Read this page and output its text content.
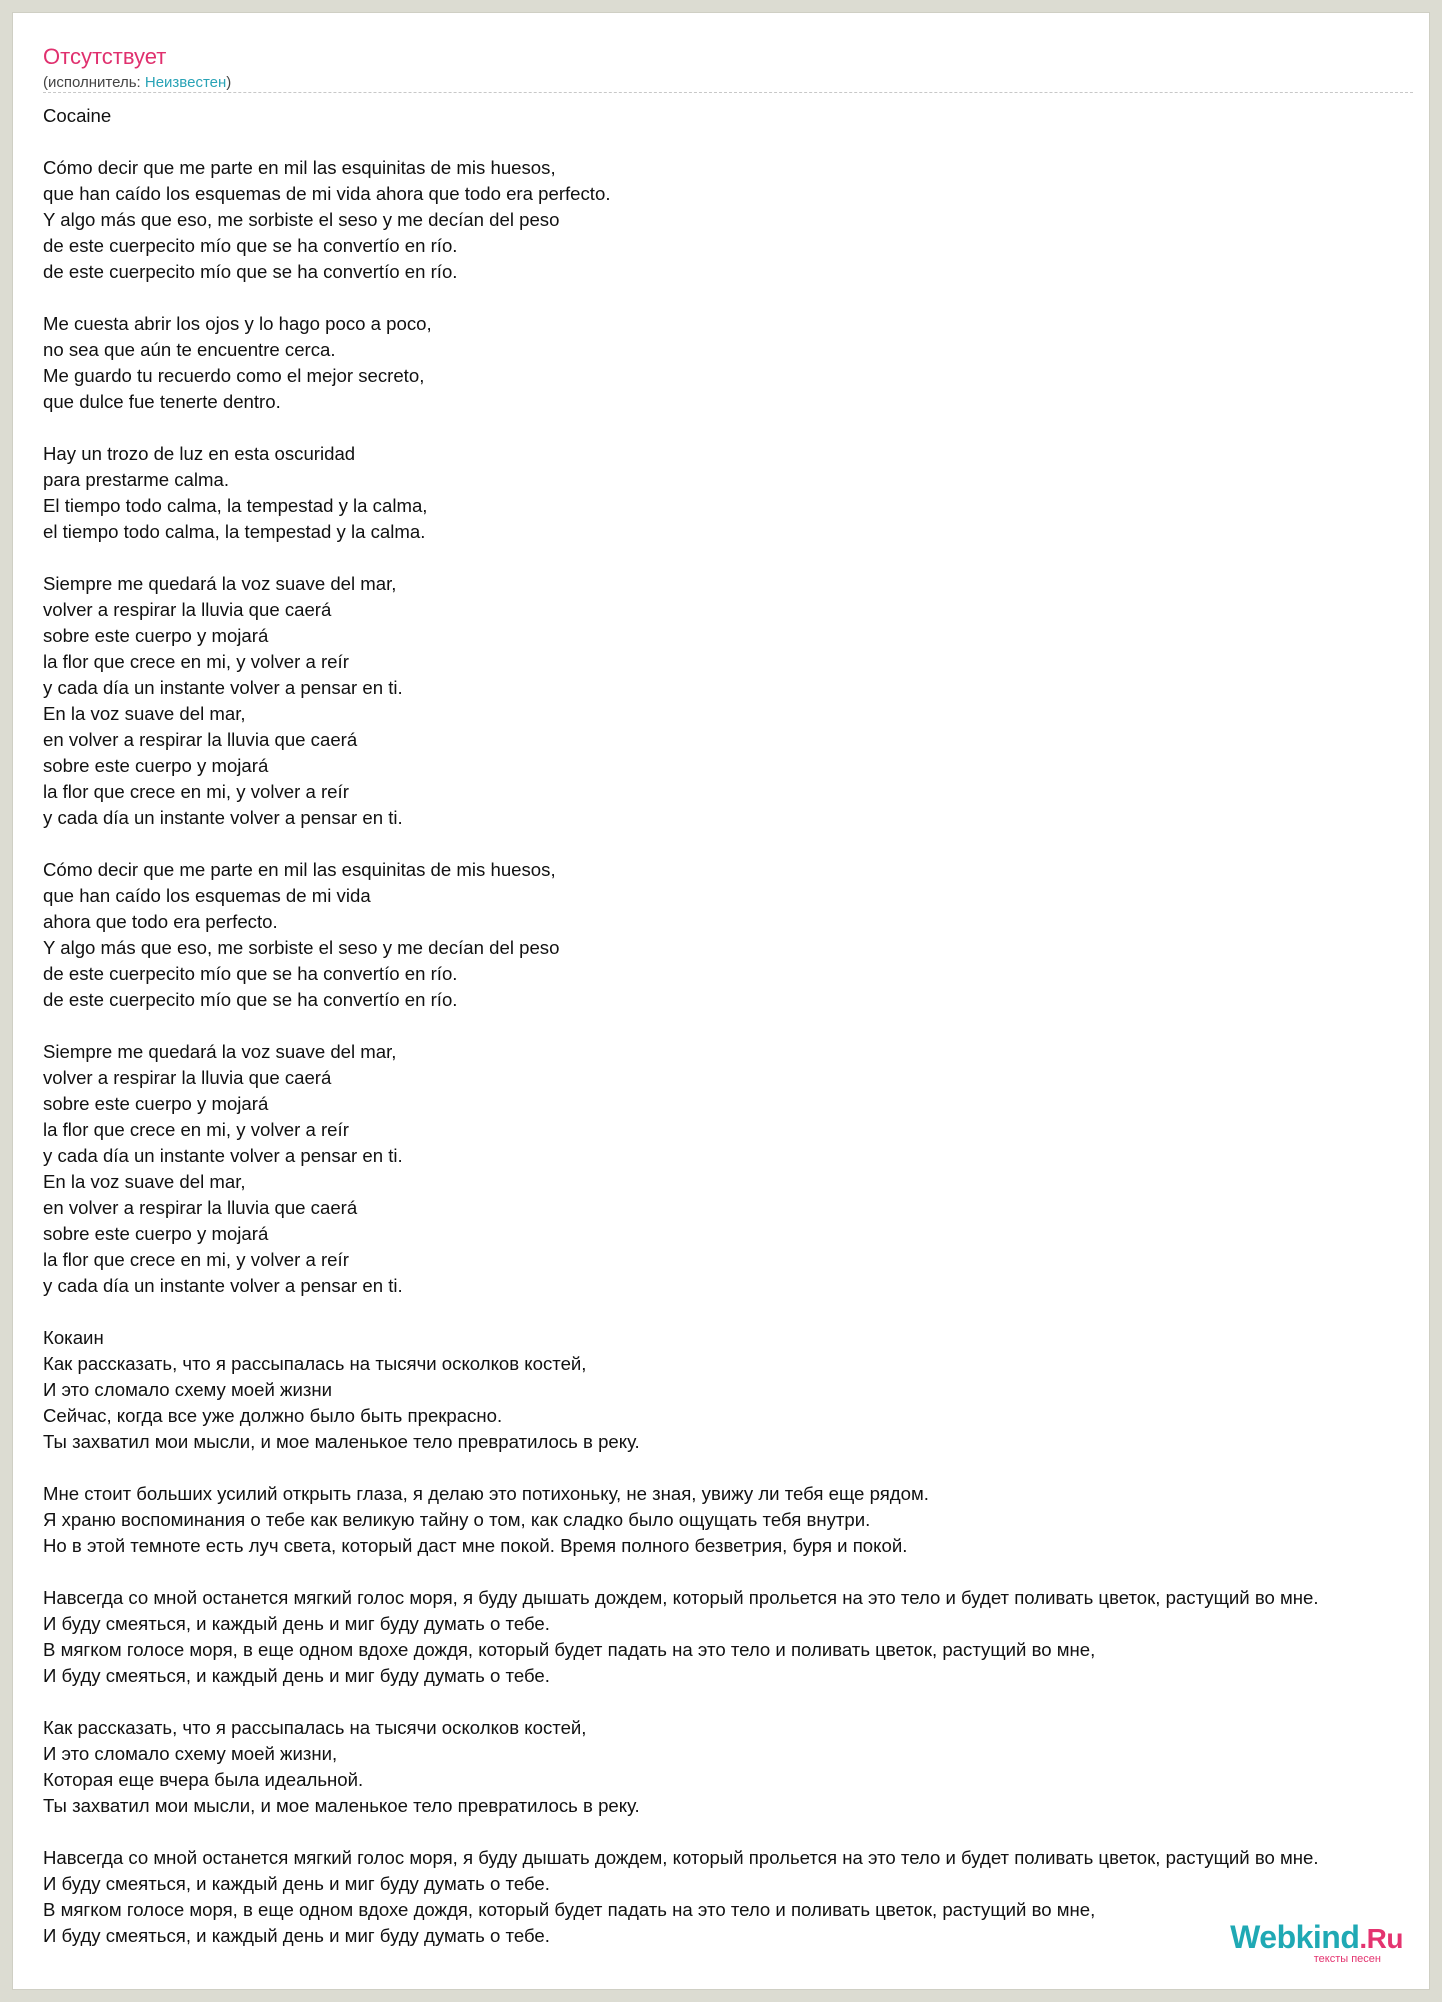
Отсутствует
(исполнитель: Неизвестен)
Cocaine
Cómo decir que me parte en mil las esquinitas de mis huesos,
que han caído los esquemas de mi vida ahora que todo era perfecto.
Y algo más que eso, me sorbiste el seso y me decían del peso
de este cuerpecito mío que se ha convertío en río.
de este cuerpecito mío que se ha convertío en río.
Me cuesta abrir los ojos y lo hago poco a poco,
no sea que aún te encuentre cerca.
Me guardo tu recuerdo como el mejor secreto,
que dulce fue tenerte dentro.
Hay un trozo de luz en esta oscuridad
para prestarme calma.
El tiempo todo calma, la tempestad y la calma,
el tiempo todo calma, la tempestad y la calma.
Siempre me quedará la voz suave del mar,
volver a respirar la lluvia que caerá
sobre este cuerpo y mojará
la flor que crece en mi, y volver a reír
y cada día un instante volver a pensar en ti.
En la voz suave del mar,
en volver a respirar la lluvia que caerá
sobre este cuerpo y mojará
la flor que crece en mi, y volver a reír
y cada día un instante volver a pensar en ti.
Cómo decir que me parte en mil las esquinitas de mis huesos,
que han caído los esquemas de mi vida
ahora que todo era perfecto.
Y algo más que eso, me sorbiste el seso y me decían del peso
de este cuerpecito mío que se ha convertío en río.
de este cuerpecito mío que se ha convertío en río.
Siempre me quedará la voz suave del mar,
volver a respirar la lluvia que caerá
sobre este cuerpo y mojará
la flor que crece en mi, y volver a reír
y cada día un instante volver a pensar en ti.
En la voz suave del mar,
en volver a respirar la lluvia que caerá
sobre este cuerpo y mojará
la flor que crece en mi, y volver a reír
y cada día un instante volver a pensar en ti.
Кокаин
Как рассказать, что я рассыпалась на тысячи осколков костей,
И это сломало схему моей жизни
Сейчас, когда все уже должно было быть прекрасно.
Ты захватил мои мысли, и мое маленькое тело превратилось в реку.
Мне стоит больших усилий открыть глаза, я делаю это потихоньку, не зная, увижу ли тебя еще рядом.
Я храню воспоминания о тебе как великую тайну о том, как сладко было ощущать тебя внутри.
Но в этой темноте есть луч света, который даст мне покой. Время полного безветрия, буря и покой.
Навсегда со мной останется мягкий голос моря, я буду дышать дождем, который прольется на это тело и будет поливать цветок, растущий во мне.
И буду смеяться, и каждый день и миг буду думать о тебе.
В мягком голосе моря, в еще одном вдохе дождя, который будет падать на это тело и поливать цветок, растущий во мне,
И буду смеяться, и каждый день и миг буду думать о тебе.
Как рассказать, что я рассыпалась на тысячи осколков костей,
И это сломало схему моей жизни,
Которая еще вчера была идеальной.
Ты захватил мои мысли, и мое маленькое тело превратилось в реку.
Навсегда со мной останется мягкий голос моря, я буду дышать дождем, который прольется на это тело и будет поливать цветок, растущий во мне.
И буду смеяться, и каждый день и миг буду думать о тебе.
В мягком голосе моря, в еще одном вдохе дождя, который будет падать на это тело и поливать цветок, растущий во мне,
И буду смеяться, и каждый день и миг буду думать о тебе.	Webkind.Ru
тексты песен
